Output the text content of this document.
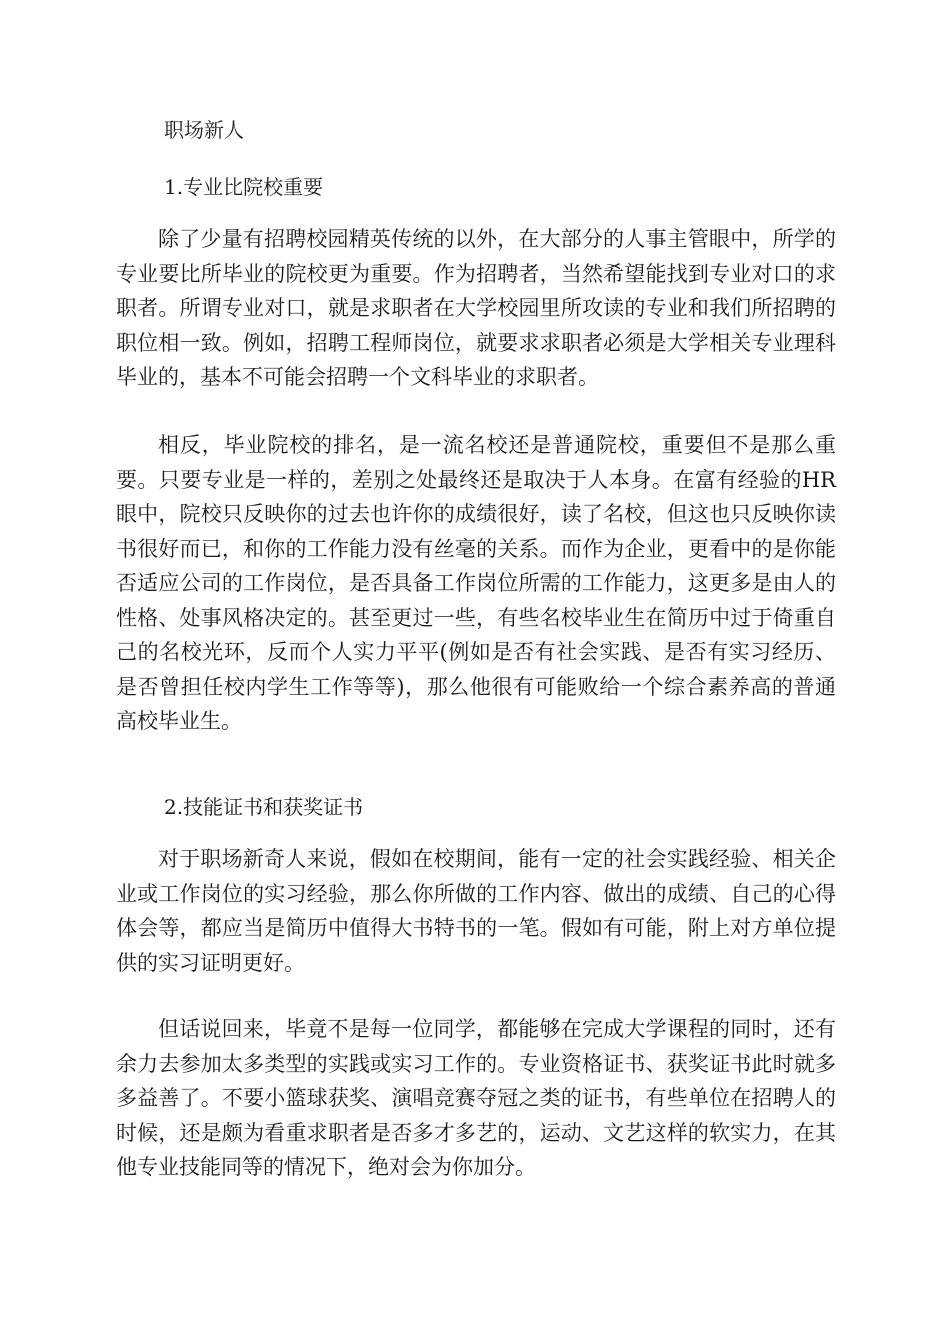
职场新人
1.专业比院校重要

除了少量有招聘校园精英传统的以外，在大部分的人事主管眼中，所学的专业要比所毕业的院校更为重要。作为招聘者，当然希望能找到专业对口的求职者。所谓专业对口，就是求职者在大学校园里所攻读的专业和我们所招聘的职位相一致。例如，招聘工程师岗位，就要求求职者必须是大学相关专业理科毕业的，基本不可能会招聘一个文科毕业的求职者。

相反，毕业院校的排名，是一流名校还是普通院校，重要但不是那么重要。只要专业是一样的，差别之处最终还是取决于人本身。在富有经验的HR眼中，院校只反映你的过去也许你的成绩很好，读了名校，但这也只反映你读书很好而已，和你的工作能力没有丝毫的关系。而作为企业，更看中的是你能否适应公司的工作岗位，是否具备工作岗位所需的工作能力，这更多是由人的性格、处事风格决定的。甚至更过一些，有些名校毕业生在简历中过于倚重自己的名校光环，反而个人实力平平(例如是否有社会实践、是否有实习经历、是否曾担任校内学生工作等等)，那么他很有可能败给一个综合素养高的普通高校毕业生。

2.技能证书和获奖证书

对于职场新奇人来说，假如在校期间，能有一定的社会实践经验、相关企业或工作岗位的实习经验，那么你所做的工作内容、做出的成绩、自己的心得体会等，都应当是简历中值得大书特书的一笔。假如有可能，附上对方单位提供的实习证明更好。

但话说回来，毕竟不是每一位同学，都能够在完成大学课程的同时，还有余力去参加太多类型的实践或实习工作的。专业资格证书、获奖证书此时就多多益善了。不要小篮球获奖、演唱竞赛夺冠之类的证书，有些单位在招聘人的时候，还是颇为看重求职者是否多才多艺的，运动、文艺这样的软实力，在其他专业技能同等的情况下，绝对会为你加分。
